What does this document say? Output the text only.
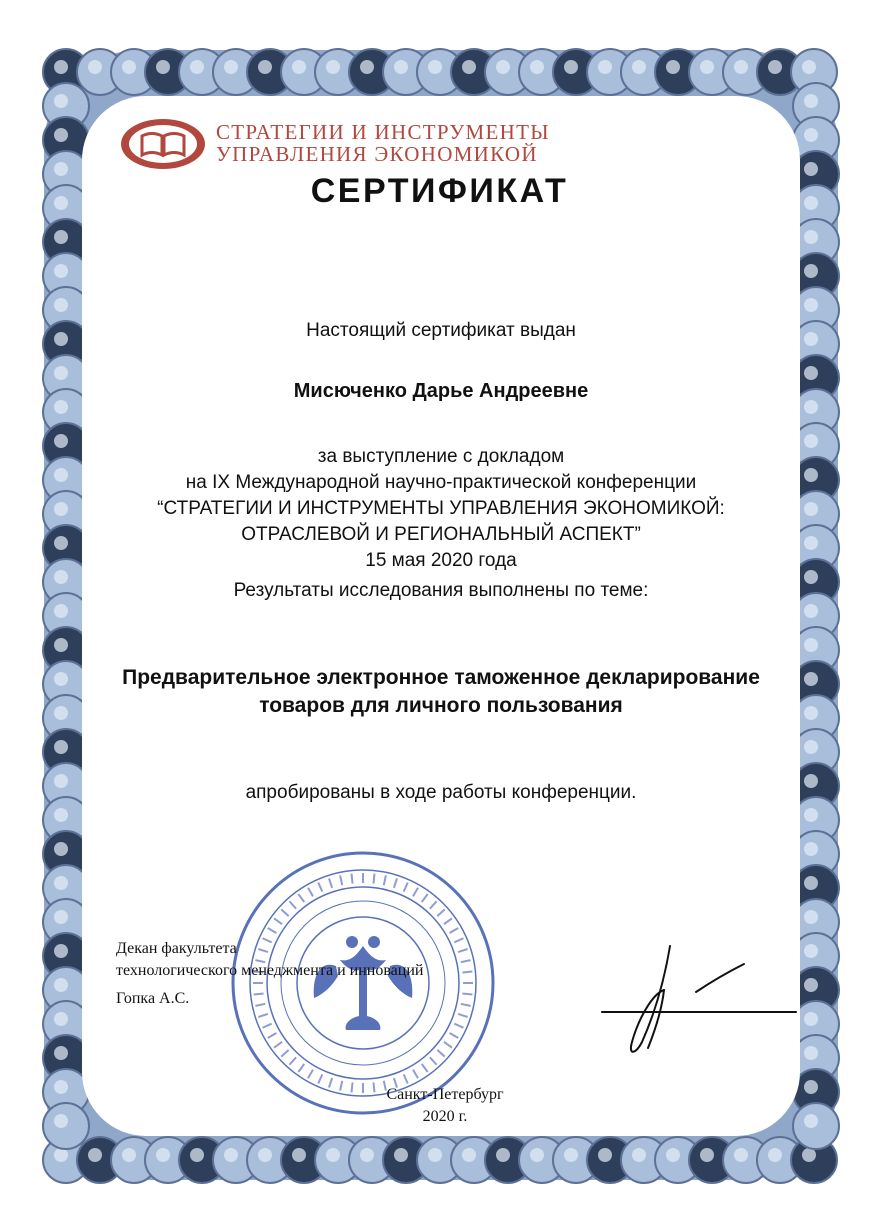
СТРАТЕГИИ И ИНСТРУМЕНТЫ
УПРАВЛЕНИЯ ЭКОНОМИКОЙ
СЕРТИФИКАТ
Настоящий сертификат выдан
Мисюченко Дарье Андреевне
за выступление с докладом
на IX Международной научно-практической конференции
“СТРАТЕГИИ И ИНСТРУМЕНТЫ УПРАВЛЕНИЯ ЭКОНОМИКОЙ:
ОТРАСЛЕВОЙ И РЕГИОНАЛЬНЫЙ АСПЕКТ”
15 мая 2020 года
Результаты исследования выполнены по теме:
Предварительное электронное таможенное декларирование
товаров для личного пользования
апробированы в ходе работы конференции.
Декан факультета
технологического менеджмента и инноваций
Гопка А.С.
Санкт-Петербург
2020 г.
